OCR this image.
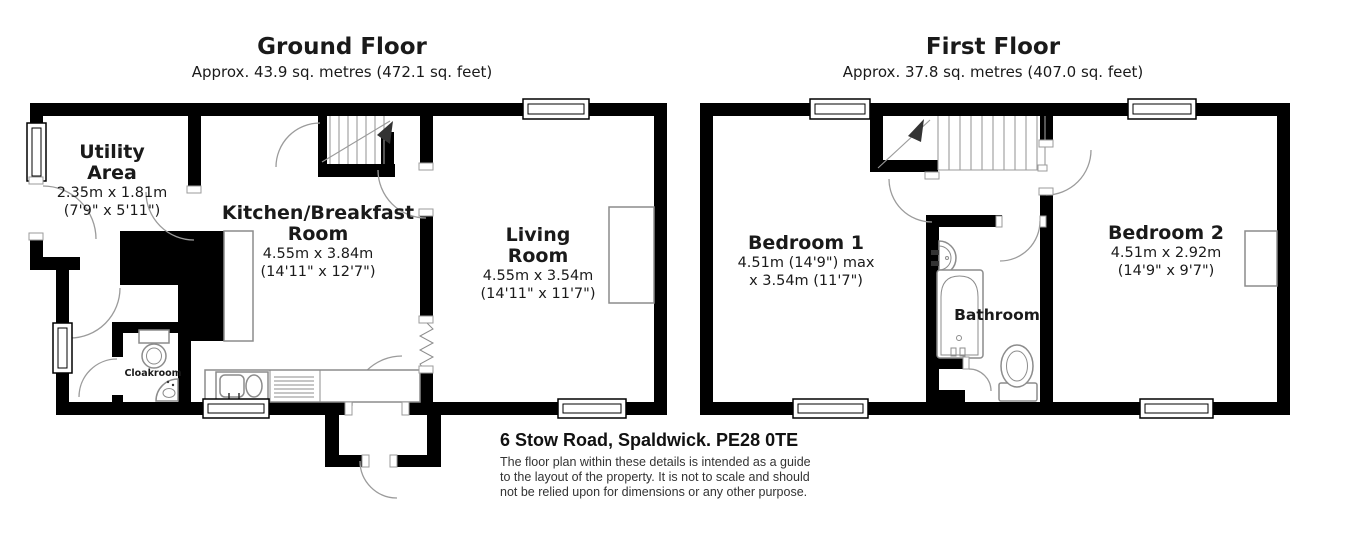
Ground Floor
Approx. 43.9 sq. metres (472.1 sq. feet)
First Floor
Approx. 37.8 sq. metres (407.0 sq. feet)
Utility
Area
2.35m x 1.81m
(7'9" x 5'11")	Kitchen/Breakfast
Room
4.55m x 3.84m
(14'11" x 12'7")
Living
Room
4.55m x 3.54m
(14'11" x 11'7")
Cloakroom
Bedroom 1
4.51m (14'9") max
x 3.54m (11'7")
Bedroom 2
4.51m x 2.92m
(14'9" x 9'7")
Bathroom
6 Stow Road, Spaldwick. PE28 0TE
The floor plan within these details is intended as a guide
to the layout of the property. It is not to scale and should
not be relied upon for dimensions or any other purpose.
